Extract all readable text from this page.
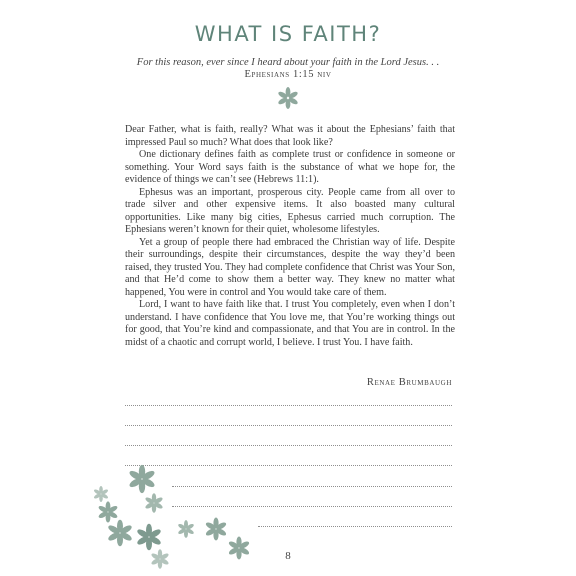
WHAT IS FAITH?
For this reason, ever since I heard about your faith in the Lord Jesus. . .
Ephesians 1:15 niv

Dear Father, what is faith, really? What was it about the Ephesians’ faith that impressed Paul so much? What does that look like?

One dictionary defines faith as complete trust or confidence in someone or something. Your Word says faith is the substance of what we hope for, the evidence of things we can’t see (Hebrews 11:1).

Ephesus was an important, prosperous city. People came from all over to trade silver and other expensive items. It also boasted many cultural opportunities. Like many big cities, Ephesus carried much corruption. The Ephesians weren’t known for their quiet, wholesome lifestyles.

Yet a group of people there had embraced the Christian way of life. Despite their surroundings, despite their circumstances, despite the way they’d been raised, they trusted You. They had complete confidence that Christ was Your Son, and that He’d come to show them a better way. They knew no matter what happened, You were in control and You would take care of them.

Lord, I want to have faith like that. I trust You completely, even when I don’t understand. I have confidence that You love me, that You’re working things out for good, that You’re kind and compassionate, and that You are in control. In the midst of a chaotic and corrupt world, I believe. I trust You. I have faith.

Renae Brumbaugh
8
